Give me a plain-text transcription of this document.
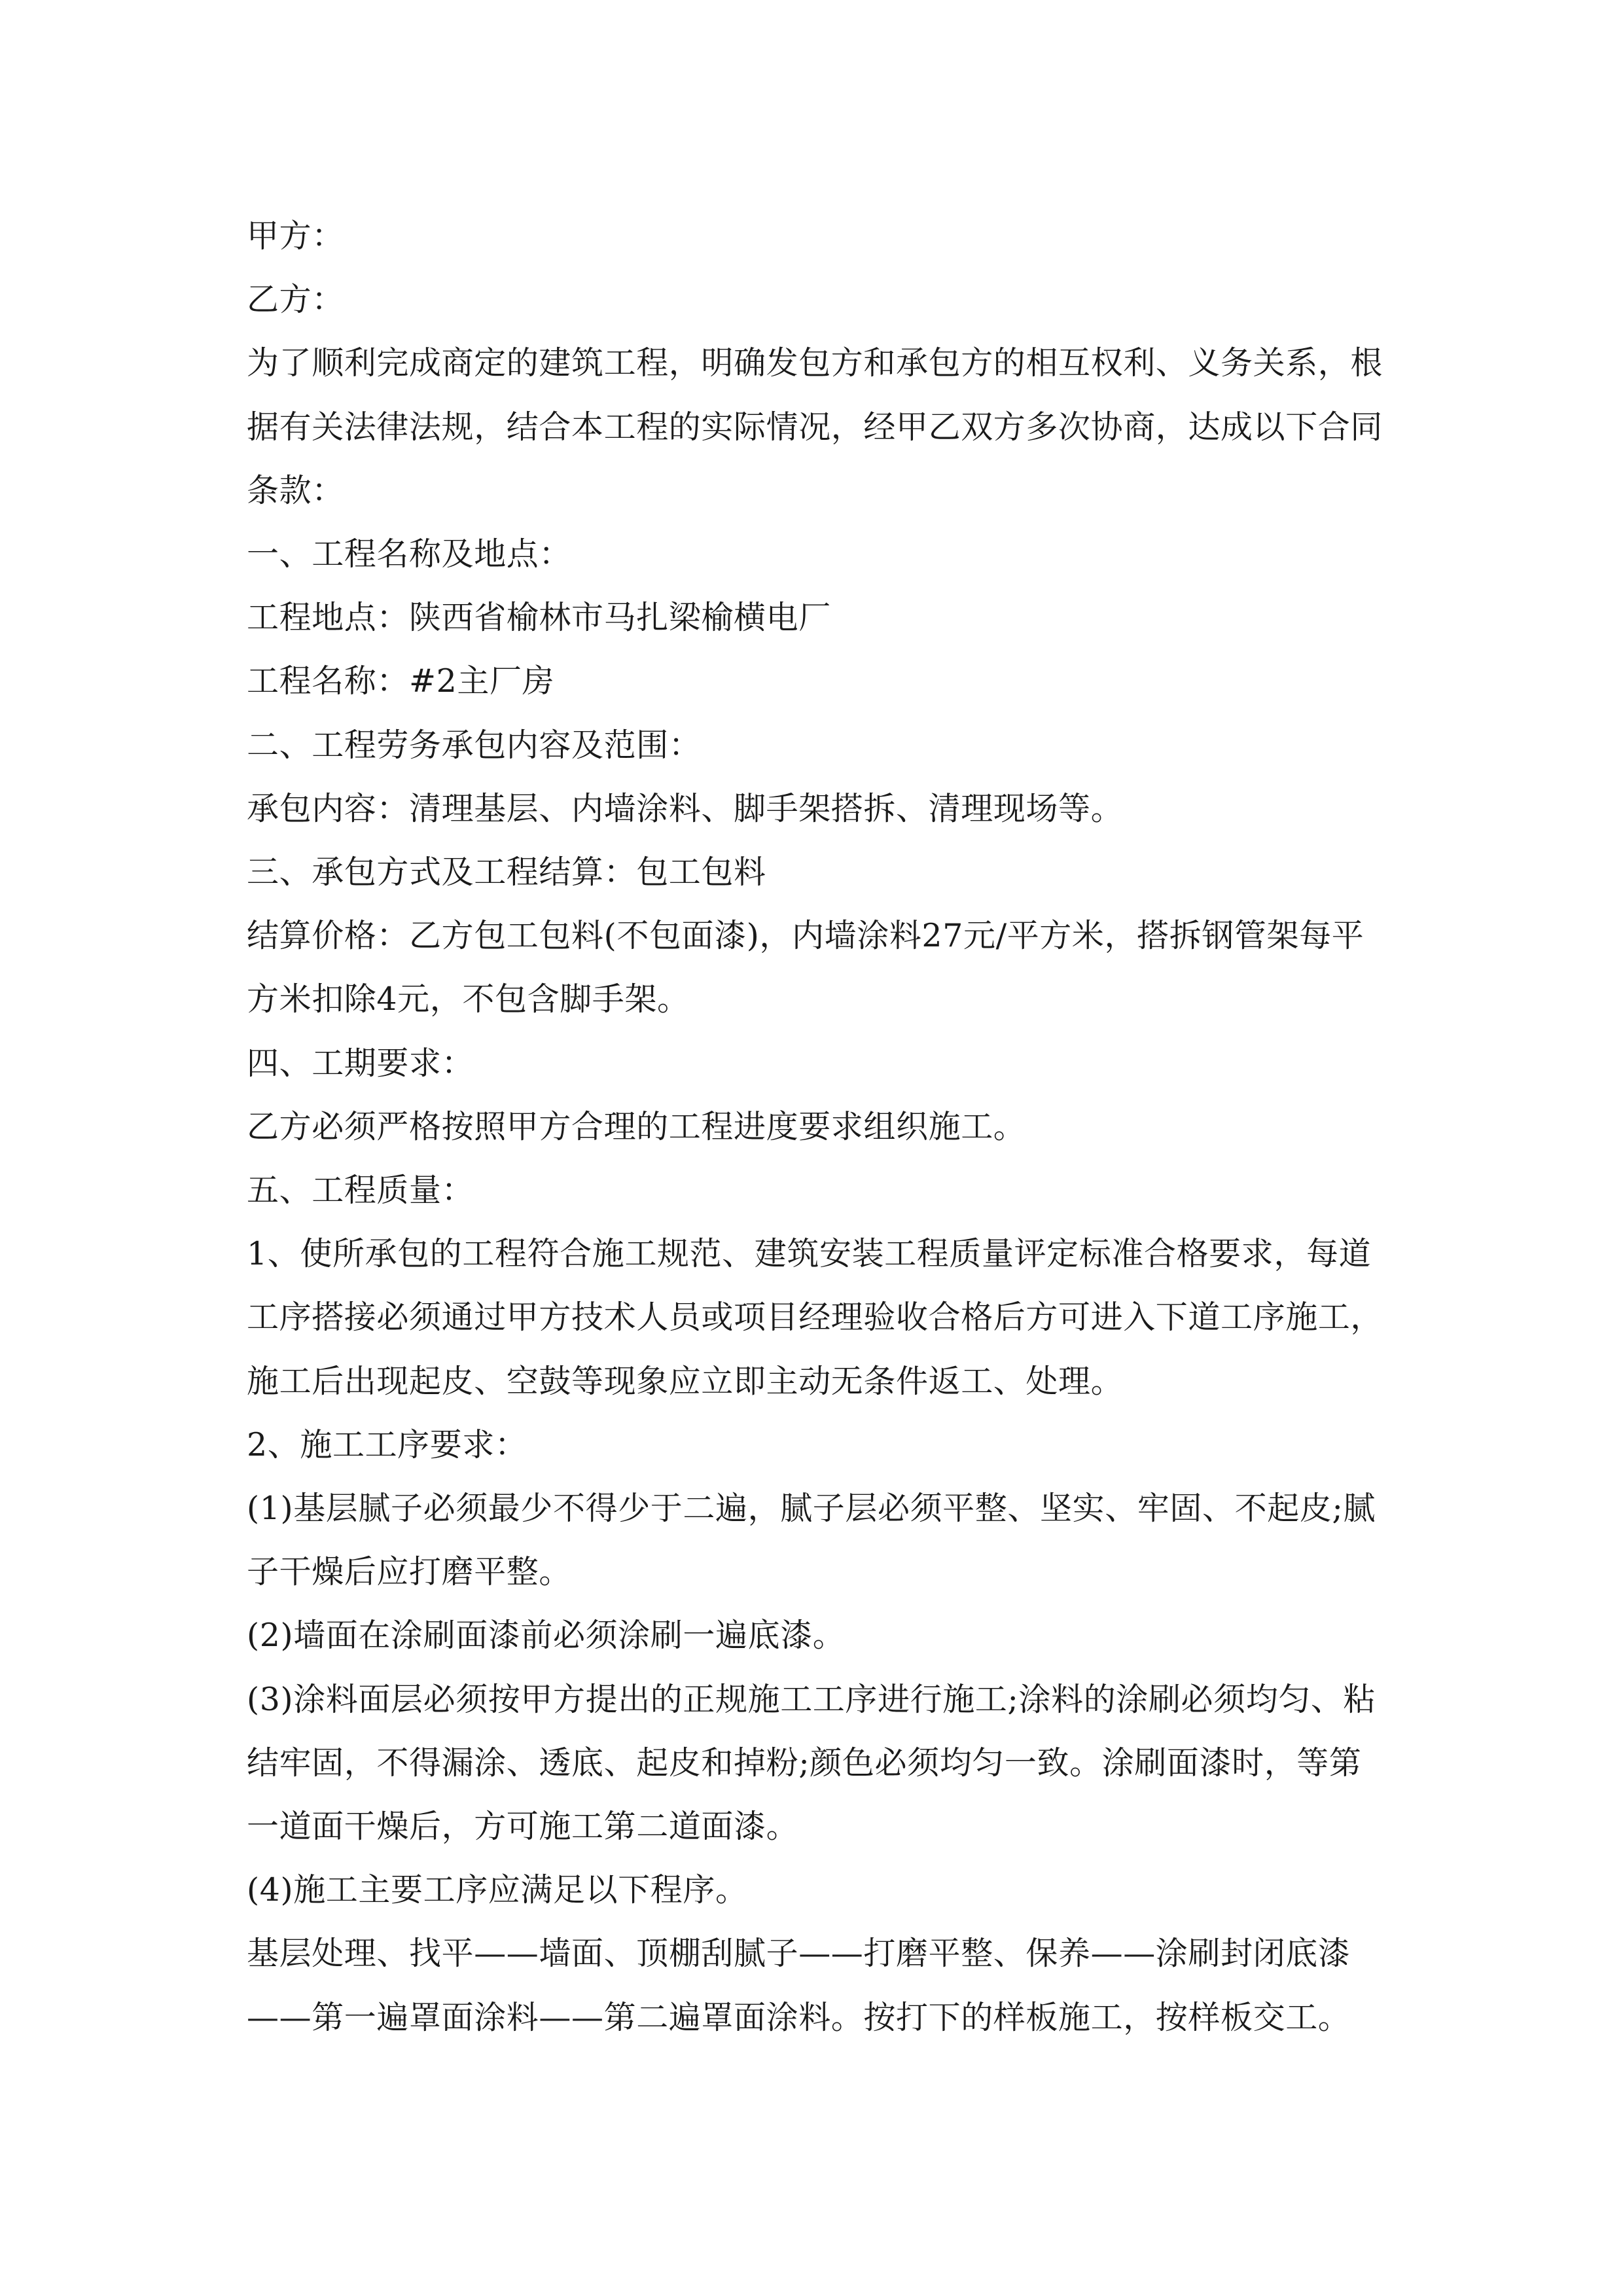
甲方：

乙方：

为了顺利完成商定的建筑工程，明确发包方和承包方的相互权利、义务关系，根据有关法律法规，结合本工程的实际情况，经甲乙双方多次协商，达成以下合同条款：

一、工程名称及地点：

工程地点：陕西省榆林市马扎梁榆横电厂

工程名称：#2主厂房

二、工程劳务承包内容及范围：

承包内容：清理基层、内墙涂料、脚手架搭拆、清理现场等。

三、承包方式及工程结算：包工包料

结算价格：乙方包工包料(不包面漆)，内墙涂料27元/平方米，搭拆钢管架每平方米扣除4元，不包含脚手架。

四、工期要求：

乙方必须严格按照甲方合理的工程进度要求组织施工。

五、工程质量：

1、使所承包的工程符合施工规范、建筑安装工程质量评定标准合格要求，每道工序搭接必须通过甲方技术人员或项目经理验收合格后方可进入下道工序施工，施工后出现起皮、空鼓等现象应立即主动无条件返工、处理。

2、施工工序要求：

(1)基层腻子必须最少不得少于二遍，腻子层必须平整、坚实、牢固、不起皮;腻子干燥后应打磨平整。

(2)墙面在涂刷面漆前必须涂刷一遍底漆。

(3)涂料面层必须按甲方提出的正规施工工序进行施工;涂料的涂刷必须均匀、粘结牢固，不得漏涂、透底、起皮和掉粉;颜色必须均匀一致。涂刷面漆时，等第一道面干燥后，方可施工第二道面漆。

(4)施工主要工序应满足以下程序。

基层处理、找平——墙面、顶棚刮腻子——打磨平整、保养——涂刷封闭底漆——第一遍罩面涂料——第二遍罩面涂料。按打下的样板施工，按样板交工。
